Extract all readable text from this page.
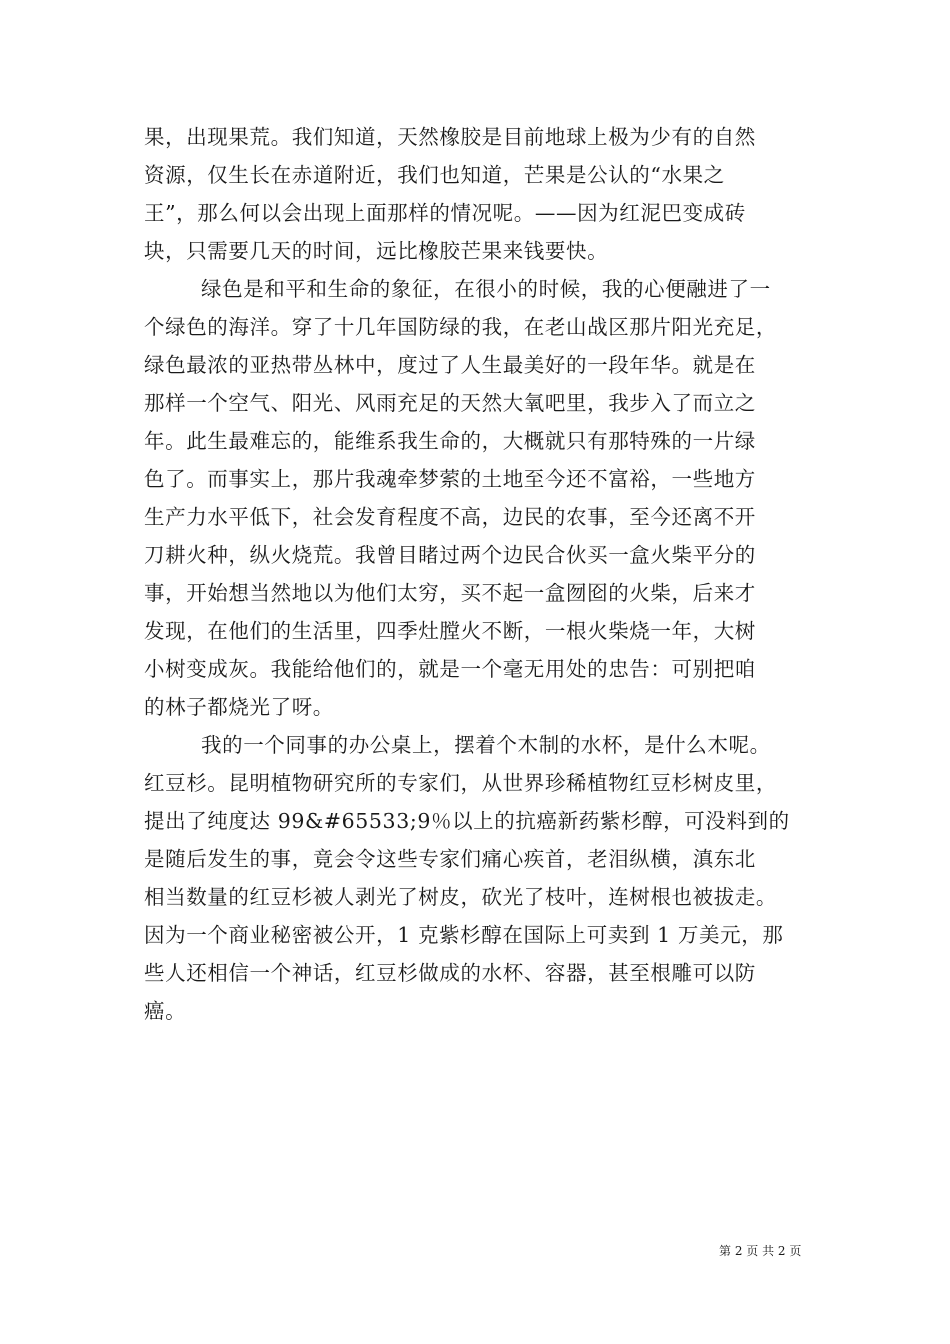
果，出现果荒。我们知道，天然橡胶是目前地球上极为少有的自然
资源，仅生长在赤道附近，我们也知道，芒果是公认的“水果之
王”，那么何以会出现上面那样的情况呢。——因为红泥巴变成砖
块，只需要几天的时间，远比橡胶芒果来钱要快。
绿色是和平和生命的象征，在很小的时候，我的心便融进了一
个绿色的海洋。穿了十几年国防绿的我，在老山战区那片阳光充足，
绿色最浓的亚热带丛林中，度过了人生最美好的一段年华。就是在
那样一个空气、阳光、风雨充足的天然大氧吧里，我步入了而立之
年。此生最难忘的，能维系我生命的，大概就只有那特殊的一片绿
色了。而事实上，那片我魂牵梦萦的土地至今还不富裕，一些地方
生产力水平低下，社会发育程度不高，边民的农事，至今还离不开
刀耕火种，纵火烧荒。我曾目睹过两个边民合伙买一盒火柴平分的
事，开始想当然地以为他们太穷，买不起一盒囫囵的火柴，后来才
发现，在他们的生活里，四季灶膛火不断，一根火柴烧一年，大树
小树变成灰。我能给他们的，就是一个毫无用处的忠告：可别把咱
的林子都烧光了呀。
我的一个同事的办公桌上，摆着个木制的水杯，是什么木呢。
红豆杉。昆明植物研究所的专家们，从世界珍稀植物红豆杉树皮里，
提出了纯度达 99&#65533;9％以上的抗癌新药紫杉醇，可没料到的
是随后发生的事，竟会令这些专家们痛心疾首，老泪纵横，滇东北
相当数量的红豆杉被人剥光了树皮，砍光了枝叶，连树根也被拔走。
因为一个商业秘密被公开，1 克紫杉醇在国际上可卖到 1 万美元，那
些人还相信一个神话，红豆杉做成的水杯、容器，甚至根雕可以防
癌。
第 2 页 共 2 页
